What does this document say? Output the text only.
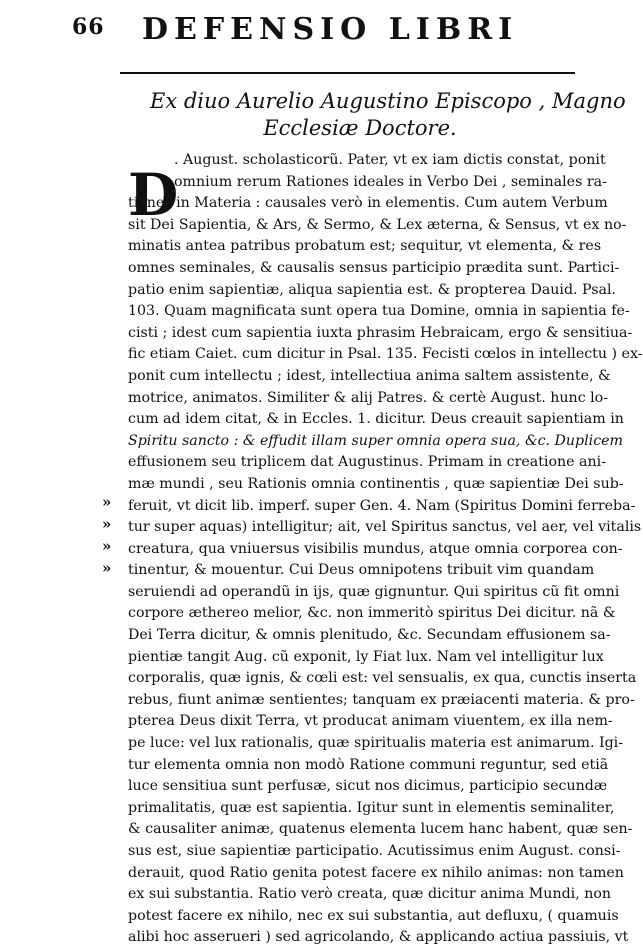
66 DEFENSIO LIBRI
Ex diuo Aurelio Augustino Episcopo , Magno
Ecclesiæ Doctore.
D
»
»
»
»
. August. scholasticorũ. Pater, vt ex iam dictis constat, ponit
omnium rerum Rationes ideales in Verbo Dei , seminales ra-
tiones in Materia : causales verò in elementis. Cum autem Verbum
sit Dei Sapientia, & Ars, & Sermo, & Lex æterna, & Sensus, vt ex no-
minatis antea patribus probatum est; sequitur, vt elementa, & res
omnes seminales, & causalis sensus participio prædita sunt. Partici-
patio enim sapientiæ, aliqua sapientia est. & propterea Dauid. Psal.
103. Quam magnificata sunt opera tua Domine, omnia in sapientia fe-
cisti ; idest cum sapientia iuxta phrasim Hebraicam, ergo & sensitiua-
fic etiam Caiet. cum dicitur in Psal. 135. Fecisti cœlos in intellectu ) ex-
ponit cum intellectu ; idest, intellectiua anima saltem assistente, &
motrice, animatos. Similiter & alij Patres. & certè August. hunc lo-
cum ad idem citat, & in Eccles. 1. dicitur. Deus creauit sapientiam in
Spiritu sancto : & effudit illam super omnia opera sua, &c. Duplicem
effusionem seu triplicem dat Augustinus. Primam in creatione ani-
mæ mundi , seu Rationis omnia continentis , quæ sapientiæ Dei sub-
feruit, vt dicit lib. imperf. super Gen. 4. Nam (Spiritus Domini ferreba-
tur super aquas) intelligitur; ait, vel Spiritus sanctus, vel aer, vel vitalis
creatura, qua vniuersus visibilis mundus, atque omnia corporea con-
tinentur, & mouentur. Cui Deus omnipotens tribuit vim quandam
seruiendi ad operandũ in ijs, quæ gignuntur. Qui spiritus cũ fit omni
corpore æthereo melior, &c. non immeritò spiritus Dei dicitur. nã &
Dei Terra dicitur, & omnis plenitudo, &c. Secundam effusionem sa-
pientiæ tangit Aug. cũ exponit, ly Fiat lux. Nam vel intelligitur lux
corporalis, quæ ignis, & cœli est: vel sensualis, ex qua, cunctis inserta
rebus, fiunt animæ sentientes; tanquam ex præiacenti materia. & pro-
pterea Deus dixit Terra, vt producat animam viuentem, ex illa nem-
pe luce: vel lux rationalis, quæ spiritualis materia est animarum. Igi-
tur elementa omnia non modò Ratione communi reguntur, sed etiã
luce sensitiua sunt perfusæ, sicut nos dicimus, participio secundæ
primalitatis, quæ est sapientia. Igitur sunt in elementis seminaliter,
& causaliter animæ, quatenus elementa lucem hanc habent, quæ sen-
sus est, siue sapientiæ participatio. Acutissimus enim August. consi-
derauit, quod Ratio genita potest facere ex nihilo animas: non tamen
ex sui substantia. Ratio verò creata, quæ dicitur anima Mundi, non
potest facere ex nihilo, nec ex sui substantia, aut defluxu, ( quamuis
alibi hoc asserueri ) sed agricolando, & applicando actiua passiuis, vt
